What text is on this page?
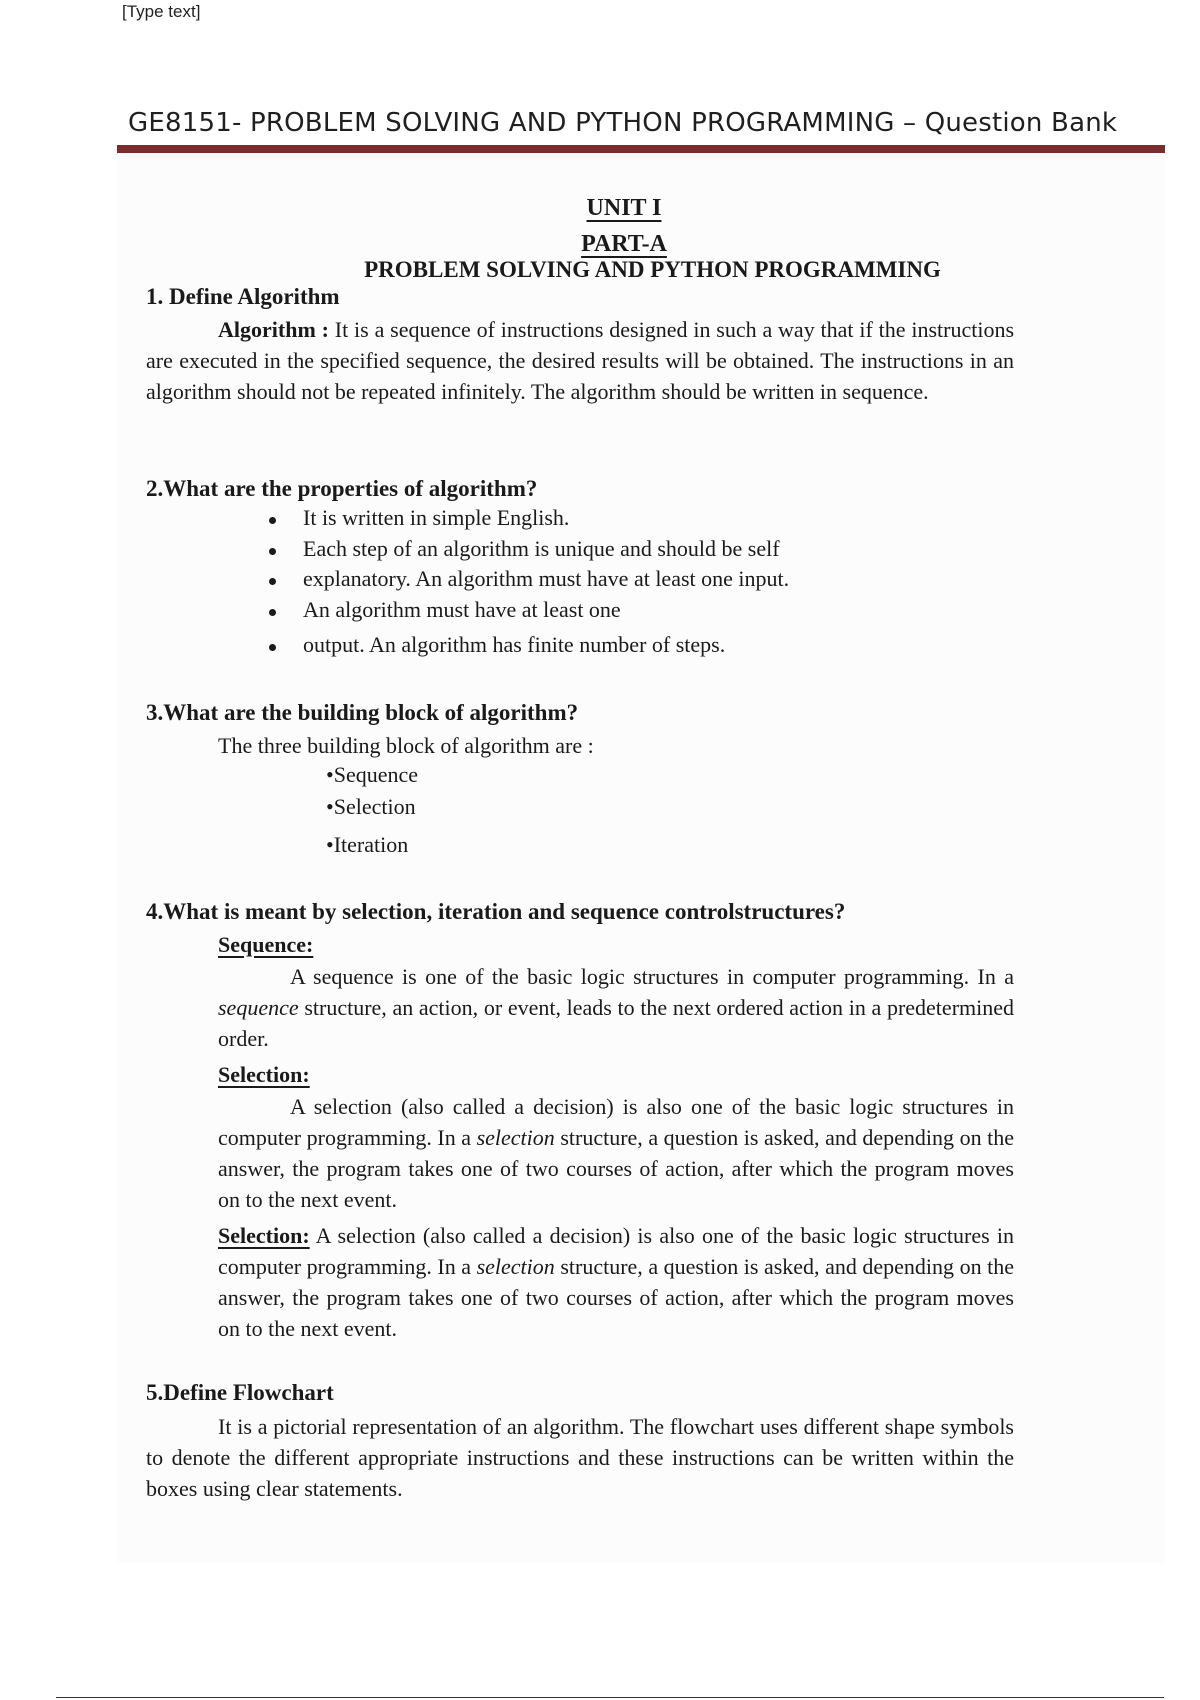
[Type text]
GE8151- PROBLEM SOLVING AND PYTHON PROGRAMMING – Question Bank
UNIT I
PART-A
PROBLEM SOLVING AND PYTHON PROGRAMMING
1. Define Algorithm
Algorithm : It is a sequence of instructions designed in such a way that if the instructions are executed in the specified sequence, the desired results will be obtained. The instructions in an algorithm should not be repeated infinitely. The algorithm should be written in sequence.
2.What are the properties of algorithm?
It is written in simple English.
Each step of an algorithm is unique and should be self
explanatory. An algorithm must have at least one input.
An algorithm must have at least one
output. An algorithm has finite number of steps.
3.What are the building block of algorithm?
The three building block of algorithm are :
•Sequence
•Selection
•Iteration
4.What is meant by selection, iteration and sequence controlstructures?
Sequence:
A sequence is one of the basic logic structures in computer programming. In a sequence structure, an action, or event, leads to the next ordered action in a predetermined order.
Selection:
A selection (also called a decision) is also one of the basic logic structures in computer programming. In a selection structure, a question is asked, and depending on the answer, the program takes one of two courses of action, after which the program moves on to the next event.
Selection: A selection (also called a decision) is also one of the basic logic structures in computer programming. In a selection structure, a question is asked, and depending on the answer, the program takes one of two courses of action, after which the program moves on to the next event.
5.Define Flowchart
It is a pictorial representation of an algorithm. The flowchart uses different shape symbols to denote the different appropriate instructions and these instructions can be written within the boxes using clear statements.
